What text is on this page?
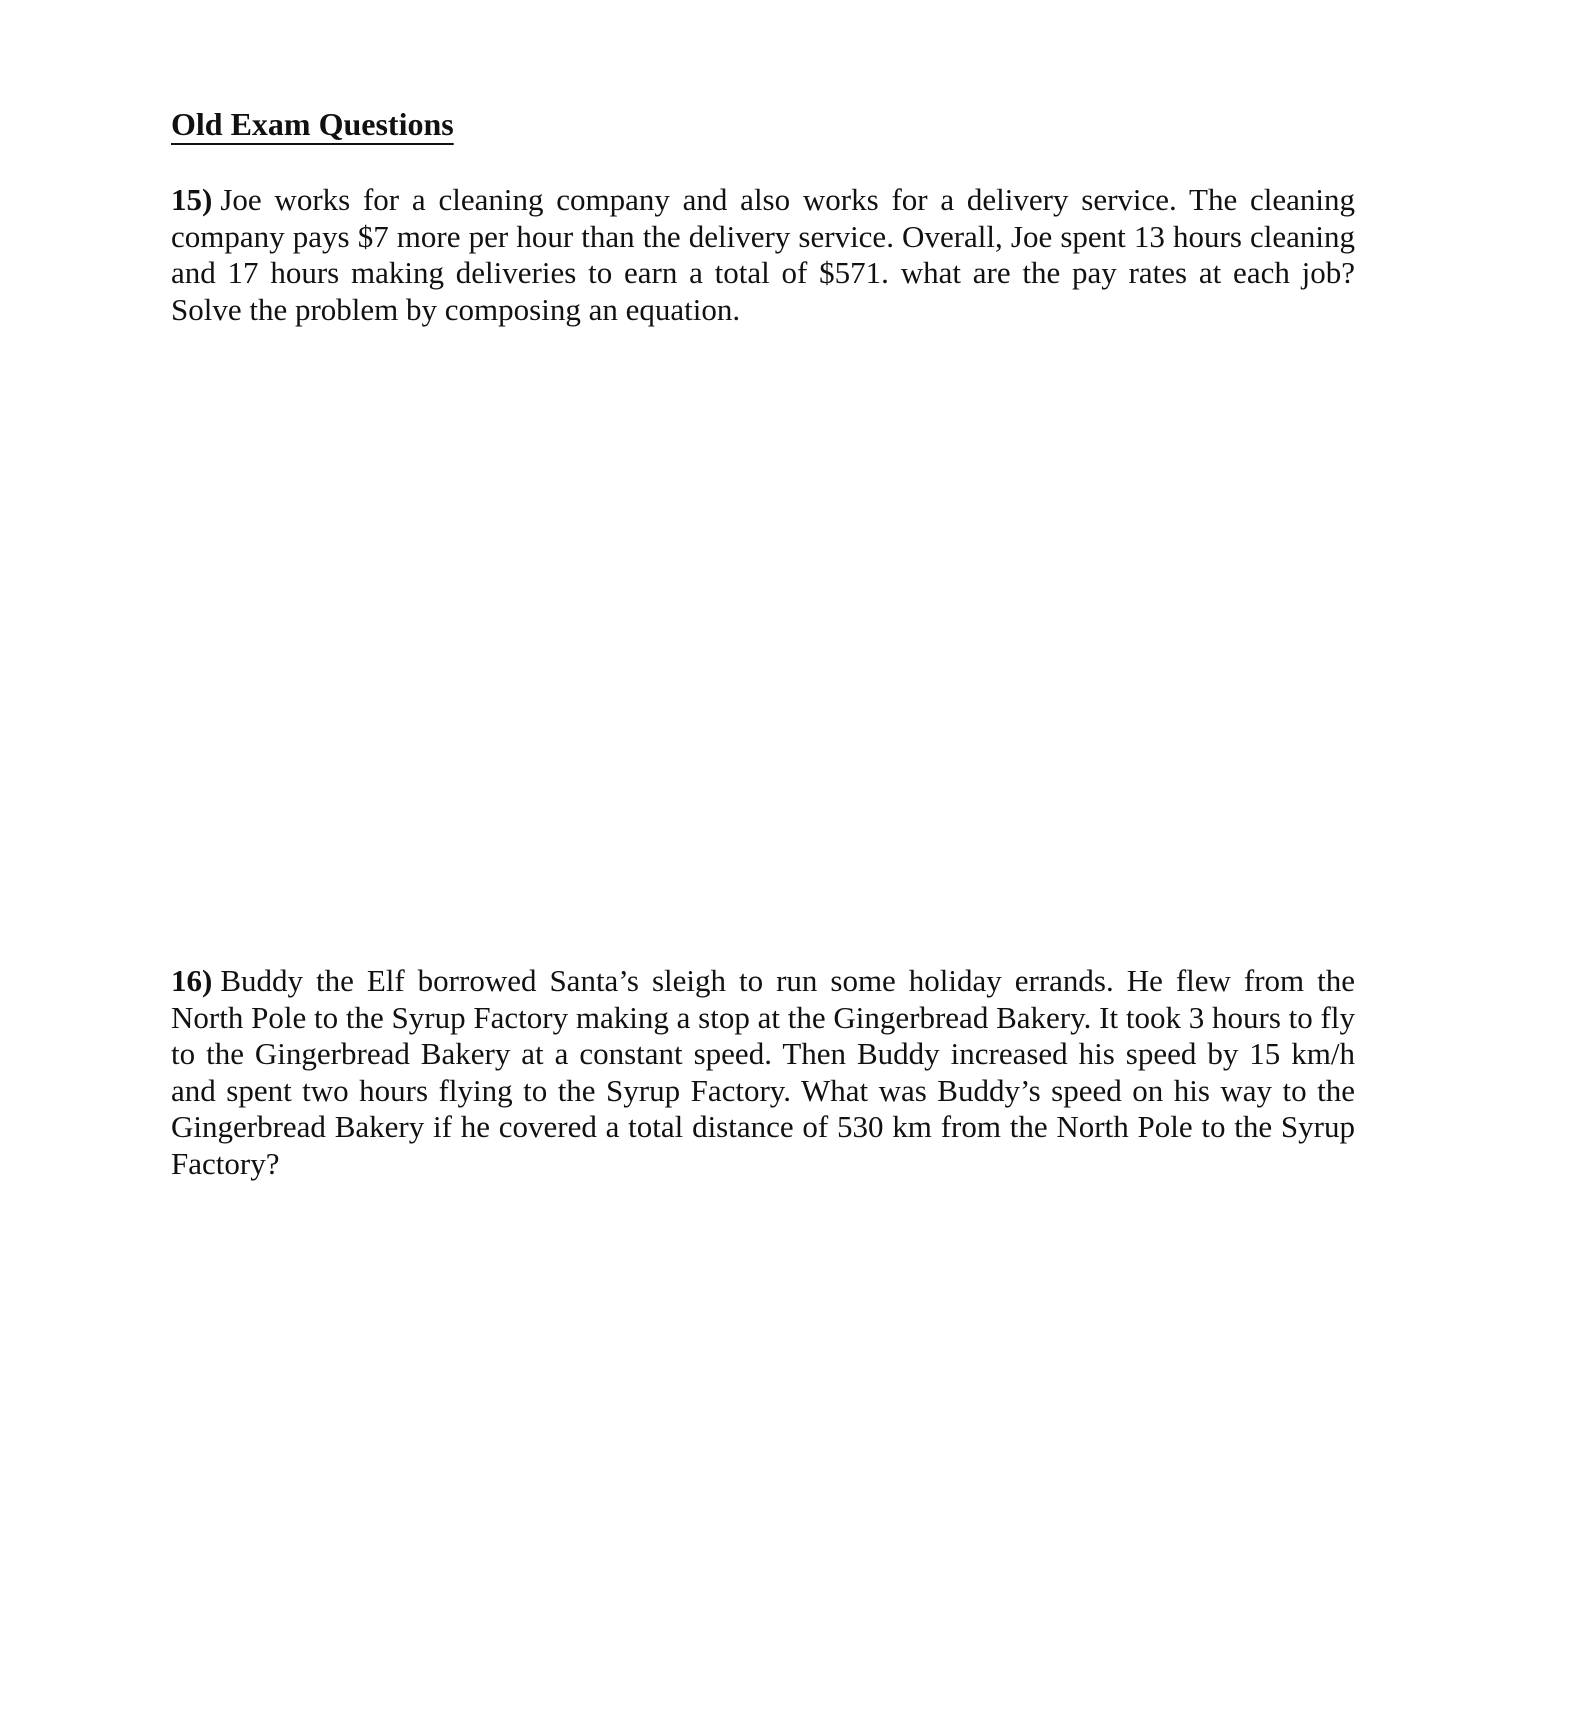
Old Exam Questions
15) Joe works for a cleaning company and also works for a delivery service. The cleaning company pays $7 more per hour than the delivery service. Overall, Joe spent 13 hours cleaning and 17 hours making deliveries to earn a total of $571. what are the pay rates at each job? Solve the problem by composing an equation.
16) Buddy the Elf borrowed Santa’s sleigh to run some holiday errands. He flew from the North Pole to the Syrup Factory making a stop at the Gingerbread Bakery. It took 3 hours to fly to the Gingerbread Bakery at a constant speed. Then Buddy increased his speed by 15 km/h and spent two hours flying to the Syrup Factory. What was Buddy’s speed on his way to the Gingerbread Bakery if he covered a total distance of 530 km from the North Pole to the Syrup Factory?
